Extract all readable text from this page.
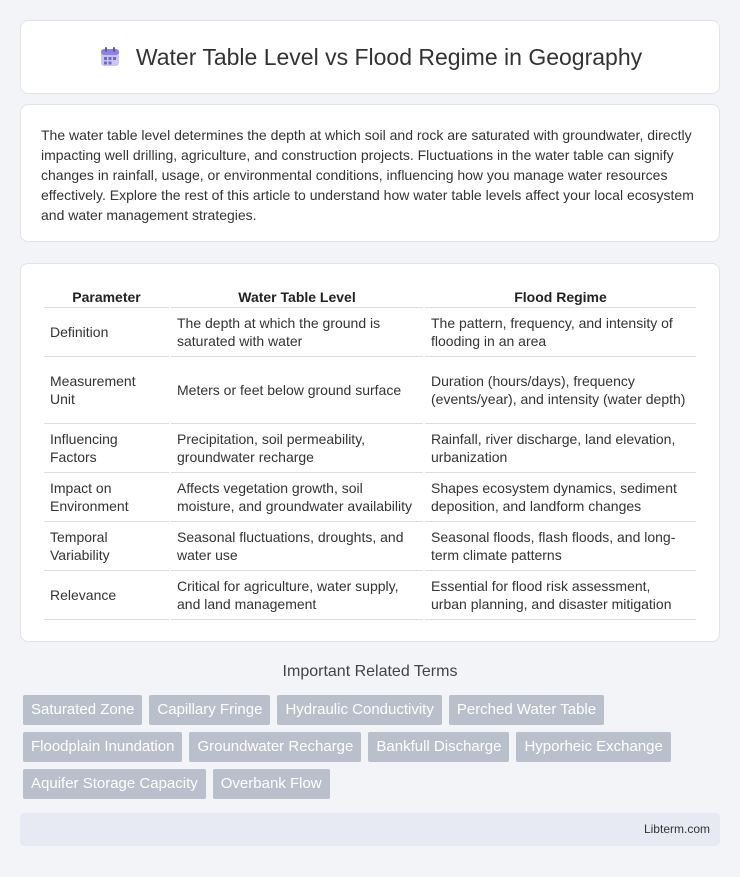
Water Table Level vs Flood Regime in Geography

The water table level determines the depth at which soil and rock are saturated with groundwater, directly impacting well drilling, agriculture, and construction projects. Fluctuations in the water table can signify changes in rainfall, usage, or environmental conditions, influencing how you manage water resources effectively. Explore the rest of this article to understand how water table levels affect your local ecosystem and water management strategies.

Parameter	Water Table Level	Flood Regime
Definition	The depth at which the ground is saturated with water	The pattern, frequency, and intensity of flooding in an area
Measurement Unit	Meters or feet below ground surface	Duration (hours/days), frequency (events/year), and intensity (water depth)
Influencing Factors	Precipitation, soil permeability, groundwater recharge	Rainfall, river discharge, land elevation, urbanization
Impact on Environment	Affects vegetation growth, soil moisture, and groundwater availability	Shapes ecosystem dynamics, sediment deposition, and landform changes
Temporal Variability	Seasonal fluctuations, droughts, and water use	Seasonal floods, flash floods, and long-term climate patterns
Relevance	Critical for agriculture, water supply, and land management	Essential for flood risk assessment, urban planning, and disaster mitigation
Important Related Terms
Saturated Zone	Capillary Fringe	Hydraulic Conductivity	Perched Water Table
Floodplain Inundation	Groundwater Recharge	Bankfull Discharge	Hyporheic Exchange
Aquifer Storage Capacity	Overbank Flow
Libterm.com
